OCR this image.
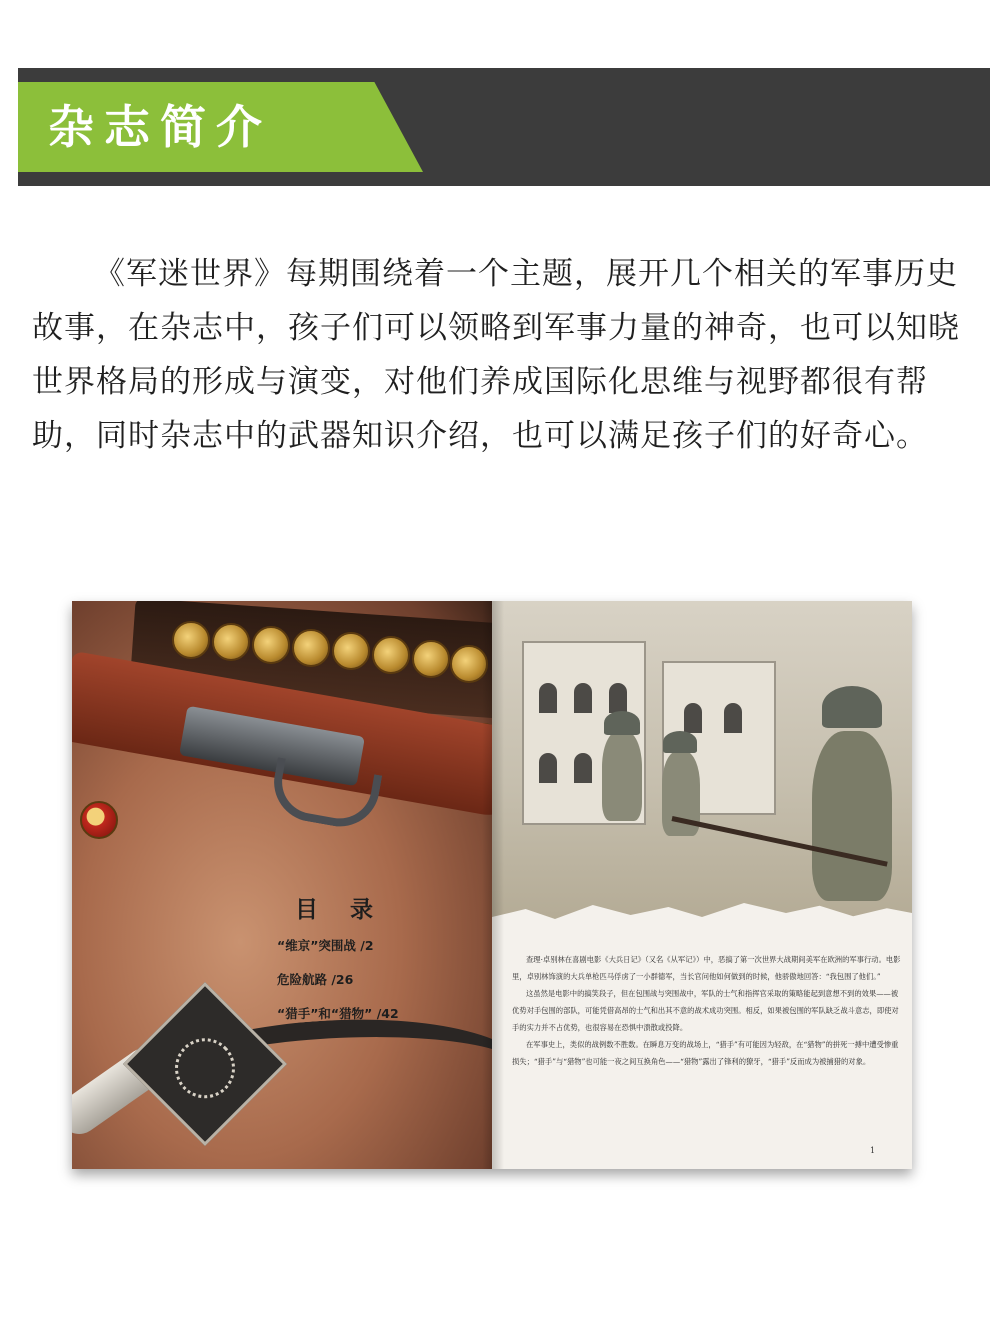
杂志简介
《军迷世界》每期围绕着一个主题，展开几个相关的军事历史故事，在杂志中，孩子们可以领略到军事力量的神奇，也可以知晓世界格局的形成与演变，对他们养成国际化思维与视野都很有帮助，同时杂志中的武器知识介绍，也可以满足孩子们的好奇心。
目 录
“维京”突围战 /2
危险航路 /26
“猎手”和“猎物” /42

查理·卓别林在喜剧电影《大兵日记》（又名《从军记》）中，恶搞了第一次世界大战期间美军在欧洲的军事行动。电影里，卓别林饰演的大兵单枪匹马俘虏了一小群德军，当长官问他如何做到的时候，他骄傲地回答：“我包围了他们。”

这虽然是电影中的搞笑段子，但在包围战与突围战中，军队的士气和指挥官采取的策略能起到意想不到的效果——被优势对手包围的部队，可能凭借高昂的士气和出其不意的战术成功突围。相反，如果被包围的军队缺乏战斗意志，即使对手的实力并不占优势，也很容易在恐惧中溃散或投降。

在军事史上，类似的战例数不胜数。在瞬息万变的战场上，“猎手”有可能因为轻敌，在“猎物”的拼死一搏中遭受惨重损失；“猎手”与“猎物”也可能一夜之间互换角色——“猎物”露出了锋利的獠牙，“猎手”反而成为被捕猎的对象。

1
